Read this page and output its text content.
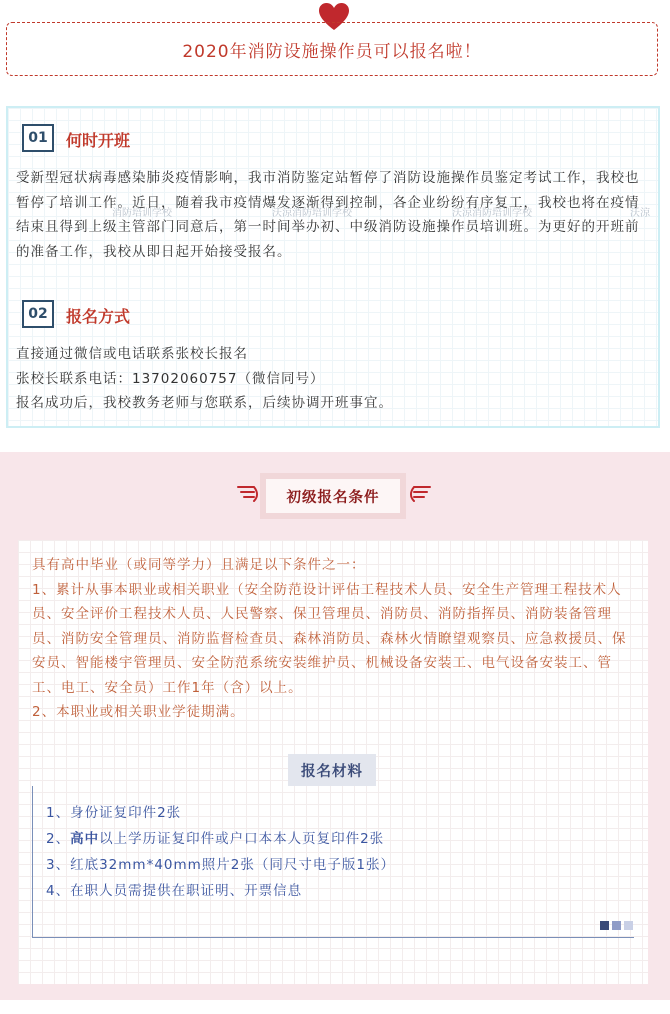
2020年消防设施操作员可以报名啦！
01	何时开班
受新型冠状病毒感染肺炎疫情影响，我市消防鉴定站暂停了消防设施操作员鉴定考试工作，我校也暂停了培训工作。近日，随着我市疫情爆发逐渐得到控制，各企业纷纷有序复工，我校也将在疫情结束且得到上级主管部门同意后，第一时间举办初、中级消防设施操作员培训班。为更好的开班前的准备工作，我校从即日起开始接受报名。
02	报名方式
消防培训学校	沃涼消防培训学校	沃涼消防培训学校	沃涼
直接通过微信或电话联系张校长报名
张校长联系电话：13702060757（微信同号）
报名成功后，我校教务老师与您联系，后续协调开班事宜。
初级报名条件
具有高中毕业（或同等学力）且满足以下条件之一：
1、累计从事本职业或相关职业（安全防范设计评估工程技术人员、安全生产管理工程技术人员、安全评价工程技术人员、人民警察、保卫管理员、消防员、消防指挥员、消防装备管理员、消防安全管理员、消防监督检查员、森林消防员、森林火情瞭望观察员、应急救援员、保安员、智能楼宇管理员、安全防范系统安装维护员、机械设备安装工、电气设备安装工、管工、电工、安全员）工作1年（含）以上。
2、本职业或相关职业学徒期满。
报名材料
1、身份证复印件2张
2、高中以上学历证复印件或户口本本人页复印件2张
3、红底32mm*40mm照片2张（同尺寸电子版1张）
4、在职人员需提供在职证明、开票信息
